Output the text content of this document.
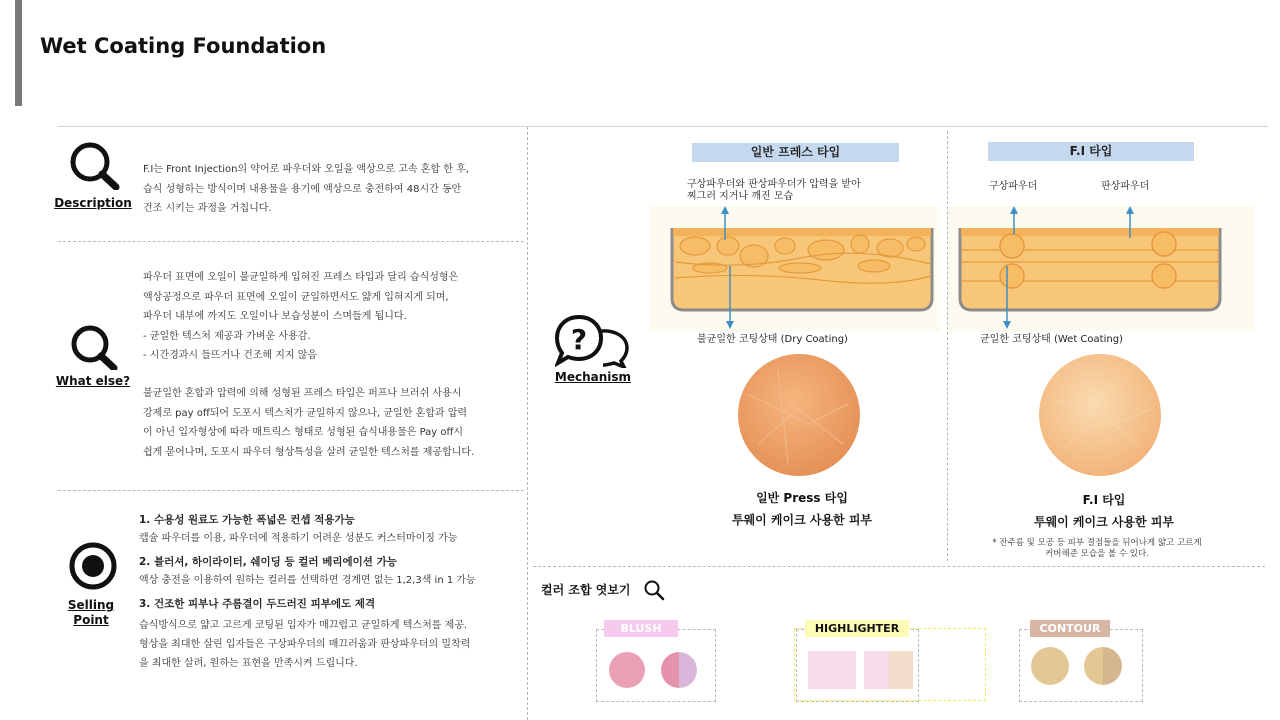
Wet Coating Foundation
Description
F.I는 Front Injection의 약어로 파우더와 오일을 액상으로 고속 혼합 한 후,
습식 성형하는 방식이며 내용물을 용기에 액상으로 충전하여 48시간 동안
건조 시키는 과정을 거칩니다.
What else?
파우더 표면에 오일이 불균일하게 입혀진 프레스 타입과 달리 습식성형은
액상공정으로 파우더 표면에 오일이 균일하면서도 얇게 입혀지게 되며,
파우더 내부에 까지도 오일이나 보습성분이 스며들게 됩니다.
- 균일한 텍스처 제공과 가벼운 사용감.
- 시간경과시 들뜨거나 건조해 지지 않음
불균일한 혼합과 압력에 의해 성형된 프레스 타입은 퍼프나 브러쉬 사용시
강제로 pay off되어 도포시 텍스처가 균일하지 않으나, 균일한 혼합과 압력
이 아닌 입자형상에 따라 매트릭스 형태로 성형된 습식내용물은 Pay off시
쉽게 묻어나며, 도포시 파우더 형상특성을 살려 균일한 텍스처를 제공합니다.
Selling
Point
1. 수용성 원료도 가능한 폭넓은 컨셉 적용가능
캡슐 파우더를 이용, 파우더에 적용하기 어려운 성분도 커스터마이징 가능
2. 블러셔, 하이라이터, 쉐이딩 등 컬러 베리에이션 가능
액상 충전을 이용하여 원하는 컬러를 선택하면 경계면 없는 1,2,3색 in 1 가능
3. 건조한 피부나 주름결이 두드러진 피부에도 제격
습식방식으로 얇고 고르게 코팅된 입자가 매끄럽고 균일하게 텍스처를 제공.
형상을 최대한 살린 입자들은 구상파우더의 매끄러움과 판상파우더의 밀착력
을 최대한 살려, 원하는 표현을 만족시켜 드립니다.
?
Mechanism
일반 프레스 타입
구상파우더와 판상파우더가 압력을 받아
찌그러 지거나 깨진 모습
불균일한 코팅상태 (Dry Coating)
일반 Press 타입
투웨이 케이크 사용한 피부
F.I 타입
구상파우더	판상파우더
균일한 코팅상태 (Wet Coating)
F.I 타입
투웨이 케이크 사용한 피부
* 잔주름 및 모공 등 피부 결점들을 뒤어나게 얇고 고르게
커버해준 모습을 볼 수 있다.
컬러 조합 엿보기
BLUSH	HIGHLIGHTER	CONTOUR
